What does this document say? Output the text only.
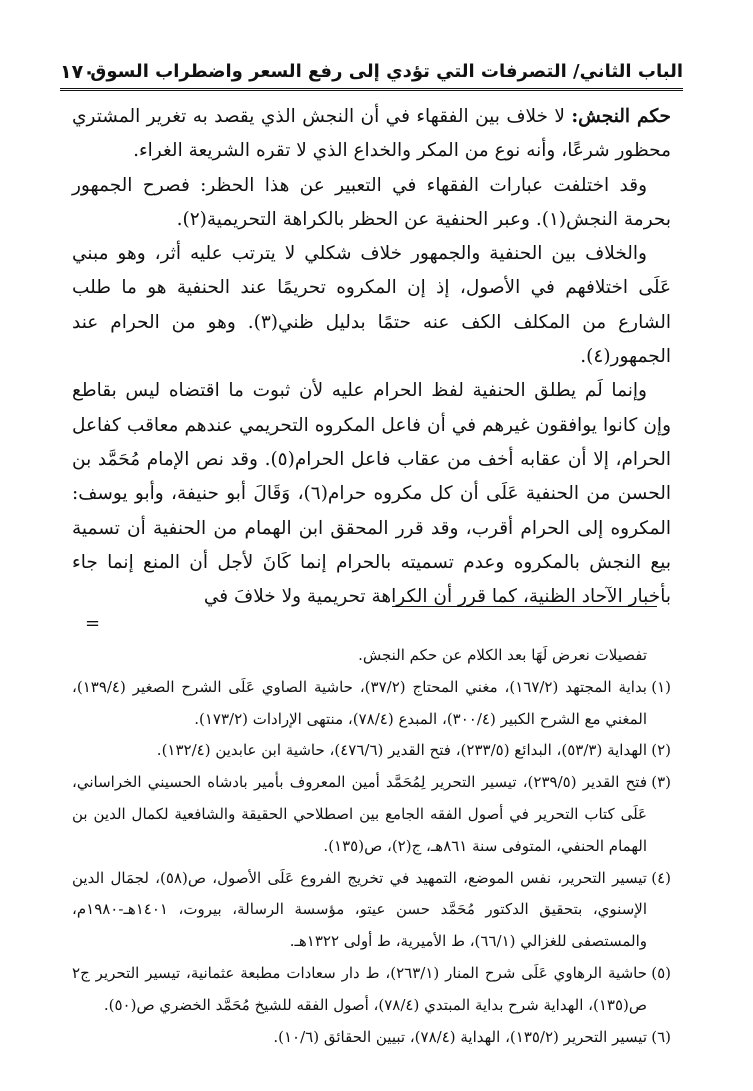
الباب الثاني/ التصرفات التي تؤدي إلى رفع السعر واضطراب السوق
١٧٠

حكم النجش: لا خلاف بين الفقهاء في أن النجش الذي يقصد به تغرير المشتري محظور شرعًا، وأنه نوع من المكر والخداع الذي لا تقره الشريعة الغراء.

وقد اختلفت عبارات الفقهاء في التعبير عن هذا الحظر: فصرح الجمهور بحرمة النجش(١). وعبر الحنفية عن الحظر بالكراهة التحريمية(٢).

والخلاف بين الحنفية والجمهور خلاف شكلي لا يترتب عليه أثر، وهو مبني عَلَى اختلافهم في الأصول، إذ إن المكروه تحريمًا عند الحنفية هو ما طلب الشارع من المكلف الكف عنه حتمًا بدليل ظني(٣). وهو من الحرام عند الجمهور(٤).

وإنما لَم يطلق الحنفية لفظ الحرام عليه لأن ثبوت ما اقتضاه ليس بقاطع وإن كانوا يوافقون غيرهم في أن فاعل المكروه التحريمي عندهم معاقب كفاعل الحرام، إلا أن عقابه أخف من عقاب فاعل الحرام(٥). وقد نص الإمام مُحَمَّد بن الحسن من الحنفية عَلَى أن كل مكروه حرام(٦)، وَقَالَ أبو حنيفة، وأبو يوسف: المكروه إلى الحرام أقرب، وقد قرر المحقق ابن الهمام من الحنفية أن تسمية بيع النجش بالمكروه وعدم تسميته بالحرام إنما كَانَ لأجل أن المنع إنما جاء بأخبار الآحاد الظنية، كما قرر أن الكراهة تحريمية ولا خلافَ في

=

تفصيلات نعرض لَهَا بعد الكلام عن حكم النجش.

(١)بداية المجتهد (١٦٧/٢)، مغني المحتاج (٣٧/٢)، حاشية الصاوي عَلَى الشرح الصغير (١٣٩/٤)، المغني مع الشرح الكبير (٣٠٠/٤)، المبدع (٧٨/٤)، منتهى الإرادات (١٧٣/٢).

(٢)الهداية (٥٣/٣)، البدائع (٢٣٣/٥)، فتح القدير (٤٧٦/٦)، حاشية ابن عابدين (١٣٢/٤).

(٣)فتح القدير (٢٣٩/٥)، تيسير التحرير لِمُحَمَّد أمين المعروف بأمير بادشاه الحسيني الخراساني، عَلَى كتاب التحرير في أصول الفقه الجامع بين اصطلاحي الحقيقة والشافعية لكمال الدين بن الهمام الحنفي، المتوفى سنة ٨٦١هـ، ج(٢)، ص(١٣٥).

(٤)تيسير التحرير، نفس الموضع، التمهيد في تخريج الفروع عَلَى الأصول، ص(٥٨)، لجمَال الدين الإسنوي، بتحقيق الدكتور مُحَمَّد حسن عيتو، مؤسسة الرسالة، بيروت، ١٤٠١هـ-١٩٨٠م، والمستصفى للغزالي (٦٦/١)، ط الأميرية، ط أولى ١٣٢٢هـ.

(٥)حاشية الرهاوي عَلَى شرح المنار (٢٦٣/١)، ط دار سعادات مطبعة عثمانية، تيسير التحرير ج٢ ص(١٣٥)، الهداية شرح بداية المبتدي (٧٨/٤)، أصول الفقه للشيخ مُحَمَّد الخضري ص(٥٠).

(٦)تيسير التحرير (١٣٥/٢)، الهداية (٧٨/٤)، تبيين الحقائق (١٠/٦).
